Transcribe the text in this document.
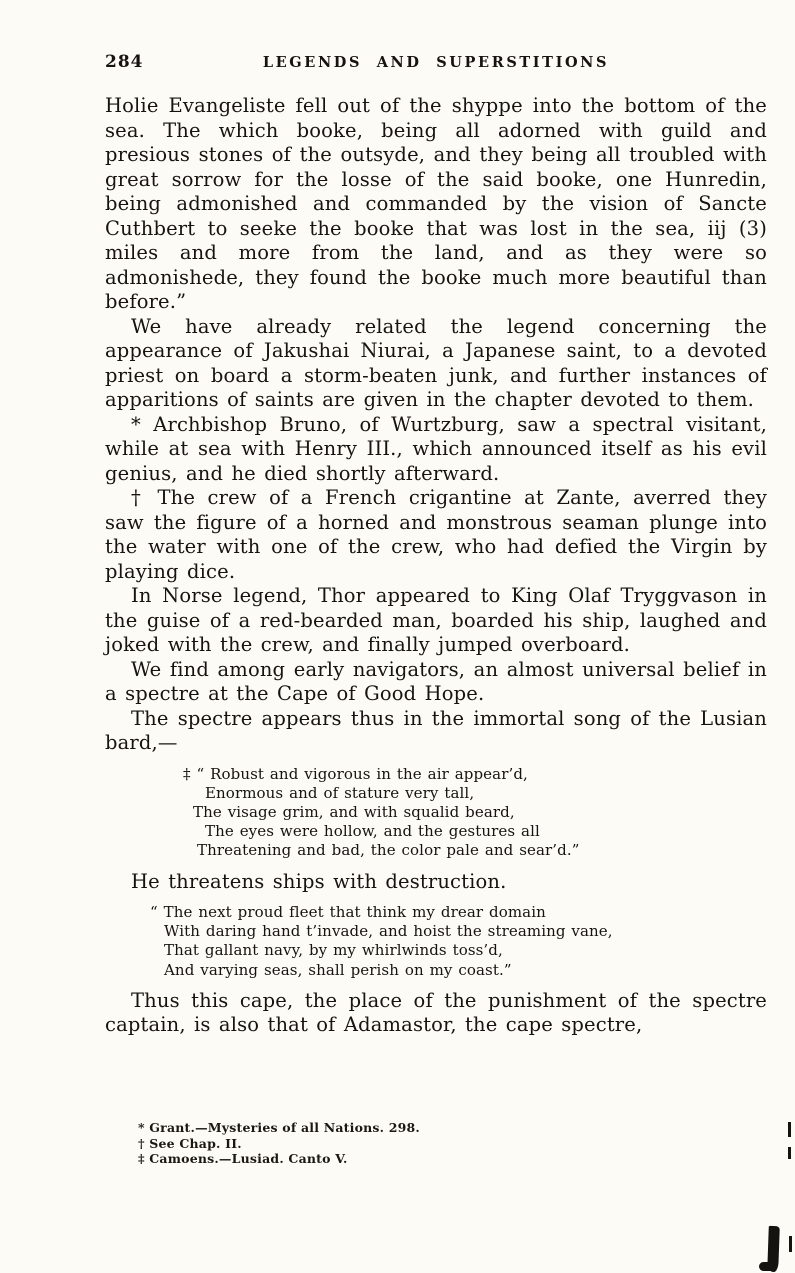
284	LEGENDS AND SUPERSTITIONS

Holie Evangeliste fell out of the shyppe into the bottom of the sea. The which booke, being all adorned with guild and presious stones of the outsyde, and they being all troubled with great sorrow for the losse of the said booke, one Hunredin, being admonished and commanded by the vision of Sancte Cuthbert to seeke the booke that was lost in the sea, iij (3) miles and more from the land, and as they were so admonishede, they found the booke much more beautiful than before.”

We have already related the legend concerning the appearance of Jakushai Niurai, a Japanese saint, to a devoted priest on board a storm-beaten junk, and further instances of apparitions of saints are given in the chapter devoted to them.

* Archbishop Bruno, of Wurtzburg, saw a spectral visitant, while at sea with Henry III., which announced itself as his evil genius, and he died shortly afterward.

† The crew of a French crigantine at Zante, averred they saw the figure of a horned and monstrous seaman plunge into the water with one of the crew, who had defied the Virgin by playing dice.

In Norse legend, Thor appeared to King Olaf Tryggvason in the guise of a red-bearded man, boarded his ship, laughed and joked with the crew, and finally jumped overboard.

We find among early navigators, an almost universal belief in a spectre at the Cape of Good Hope.

The spectre appears thus in the immortal song of the Lusian bard,—

‡ “ Robust and vigorous in the air appear’d,
Enormous and of stature very tall,
The visage grim, and with squalid beard,
The eyes were hollow, and the gestures all
Threatening and bad, the color pale and sear’d.”

He threatens ships with destruction.

“ The next proud fleet that think my drear domain
With daring hand t’invade, and hoist the streaming vane,
That gallant navy, by my whirlwinds toss’d,
And varying seas, shall perish on my coast.”

Thus this cape, the place of the punishment of the spectre captain, is also that of Adamastor, the cape spectre,

* Grant.—Mysteries of all Nations. 298.

† See Chap. II.

‡ Camoens.—Lusiad. Canto V.
